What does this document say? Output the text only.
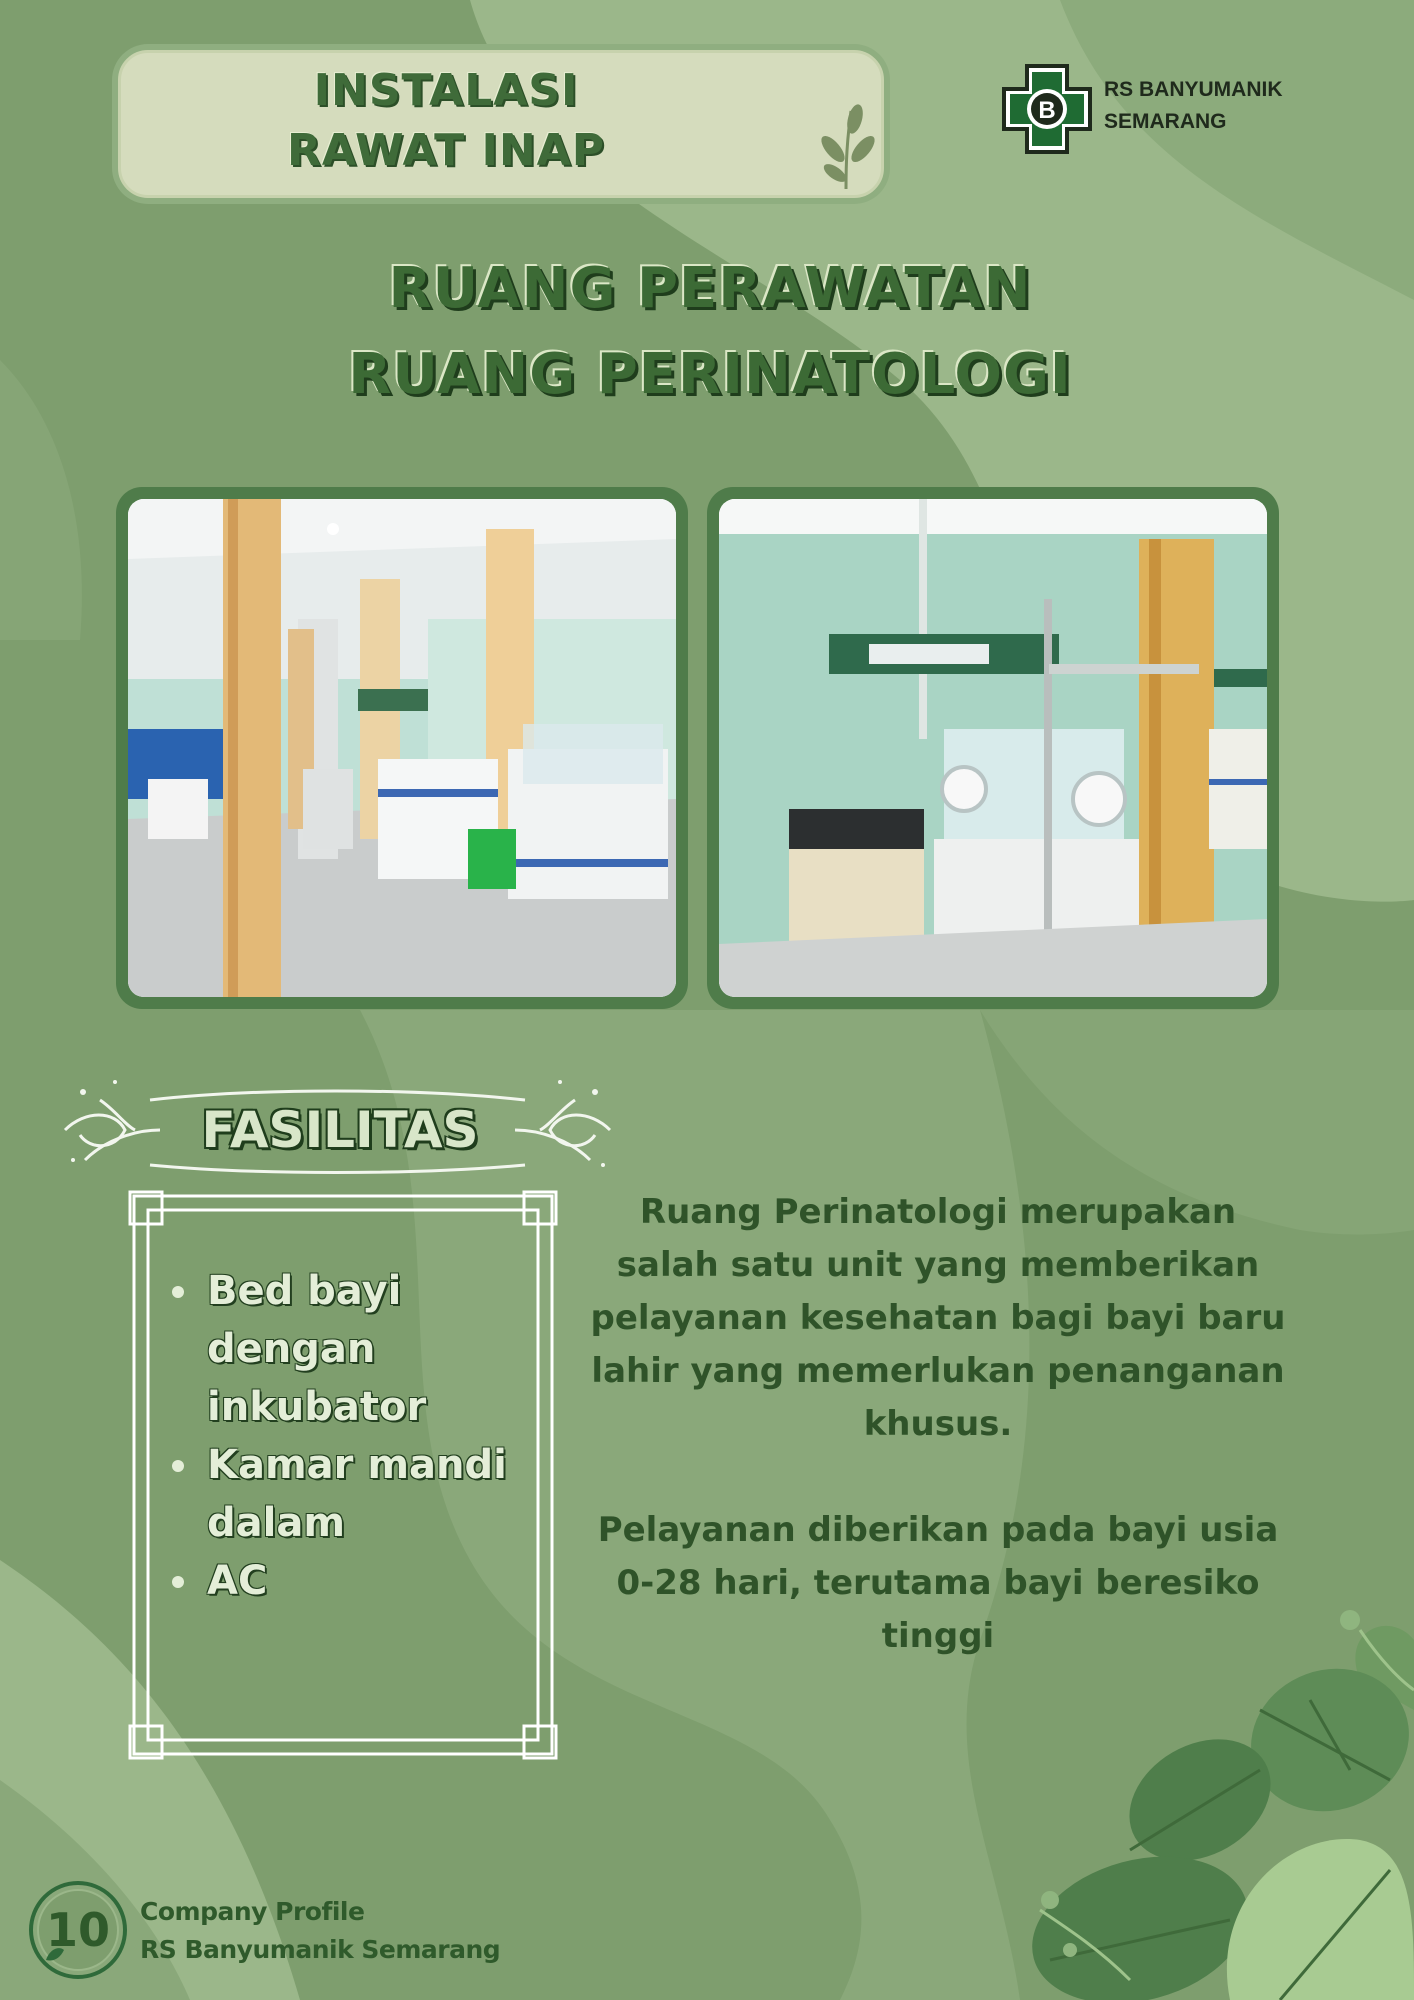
INSTALASI
RAWAT INAP
B
RS BANYUMANIK
SEMARANG
RUANG PERAWATAN
RUANG PERINATOLOGI
FASILITAS
• Bed bayi dengan inkubator
• Kamar mandi dalam
• AC

Ruang Perinatologi merupakan salah satu unit yang memberikan pelayanan kesehatan bagi bayi baru lahir yang memerlukan penanganan khusus.

Pelayanan diberikan pada bayi usia 0-28 hari, terutama bayi beresiko tinggi

10	Company Profile
RS Banyumanik Semarang
